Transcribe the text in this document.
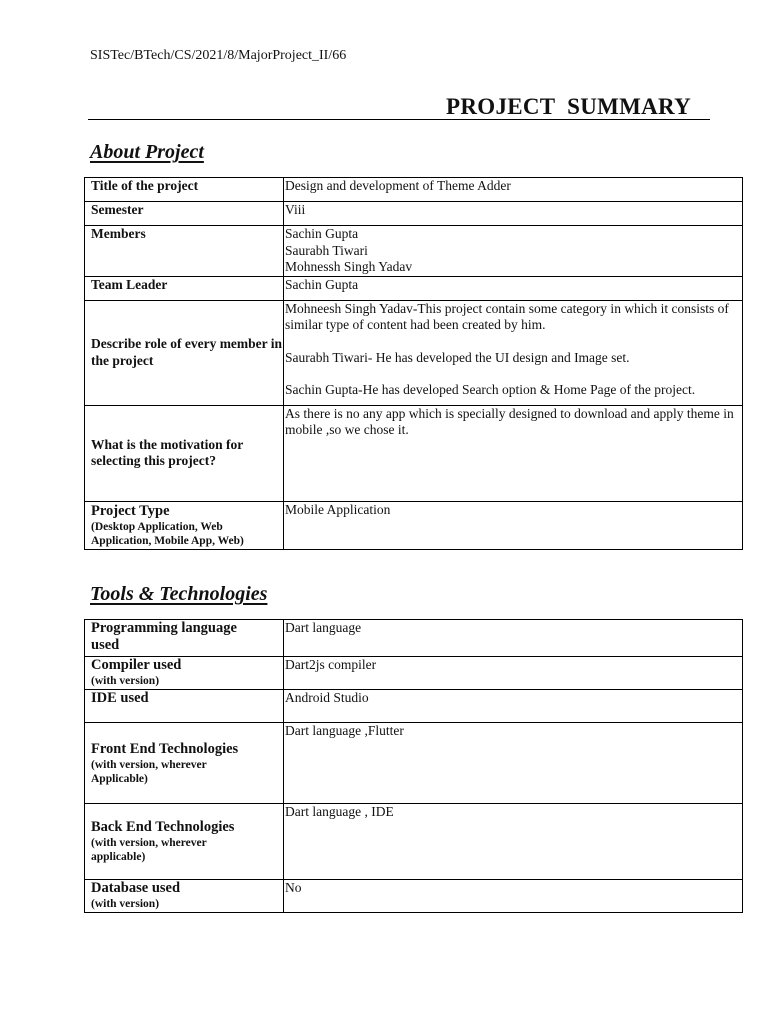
SISTec/BTech/CS/2021/8/MajorProject_II/66
PROJECT  SUMMARY
About Project
Title of the project	Design and development of Theme Adder

Semester	Viii

Members	Sachin Gupta
Saurabh Tiwari
Mohnessh Singh Yadav

Team Leader	Sachin Gupta

Describe role of every member in the project	Mohneesh Singh Yadav-This project contain some category in which it consists of similar type of content had been created by him.
Saurabh Tiwari- He has developed the UI design and Image set.
Sachin Gupta-He has developed Search option & Home Page of the project.

What is the motivation for selecting this project?	As there is no any app which is specially designed to download and apply theme in mobile ,so we chose it.

Project Type
(Desktop Application, Web Application, Mobile App, Web)	Mobile Application
Tools & Technologies
Programming language used	Dart language

Compiler used
(with version)	Dart2js compiler

IDE used	Android Studio

Front End Technologies
(with version, wherever Applicable)	Dart language ,Flutter

Back End Technologies
(with version, wherever applicable)	Dart language , IDE

Database used
(with version)	No
